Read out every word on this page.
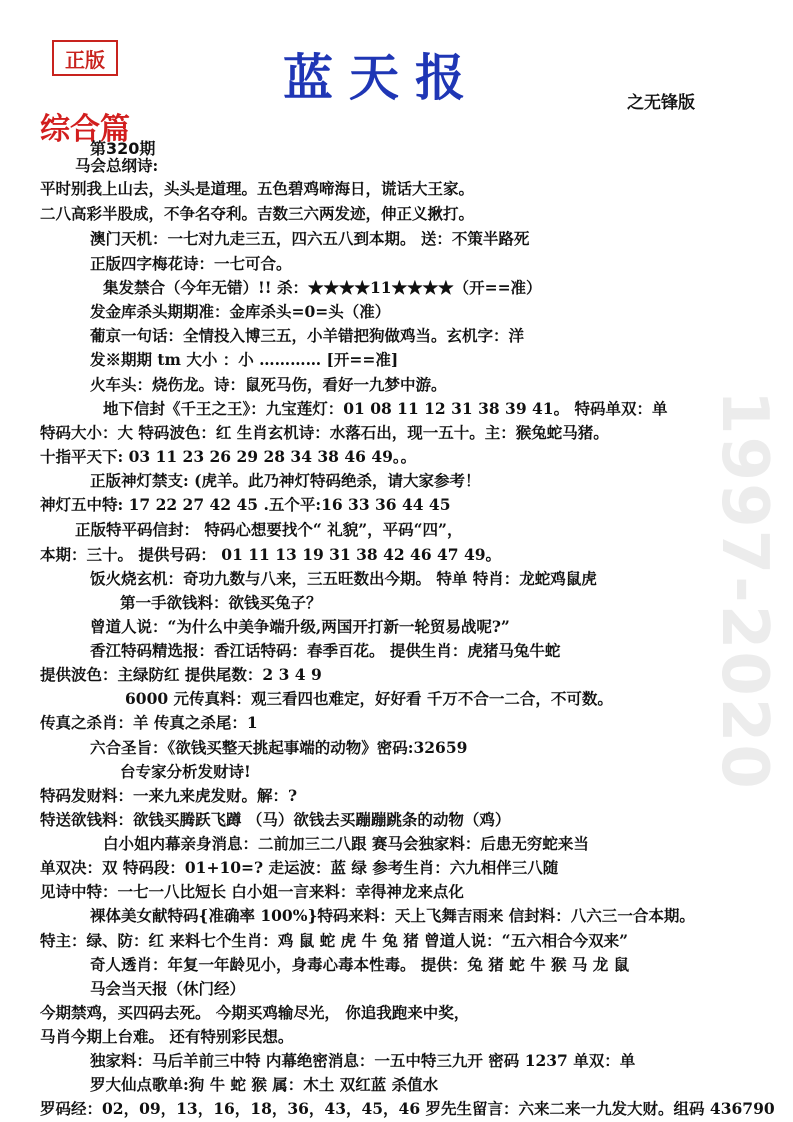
正版	蓝天报	之无锋版
综合篇
第320期
1997-2020
马会总纲诗:
平时别我上山去，头头是道理。五色碧鸡啼海日，谎话大王家。
二八高彩半股成，不争名夺利。吉数三六两发迹，伸正义揪打。
澳门天机：一七对九走三五，四六五八到本期。 送：不策半路死
正版四字梅花诗：一七可合。
集发禁合（今年无错）!! 杀：★★★★11★★★★（开==准）
发金库杀头期期准：金库杀头=0=头（准）
葡京一句话：全情投入博三五，小羊错把狗做鸡当。玄机字：洋
发※期期 tm 大小 ：小 ………… [开==准]
火车头：烧伤龙。诗：鼠死马伤，看好一九梦中游。
地下信封《千王之王》：九宝莲灯：01 08 11 12 31 38 39 41。 特码单双：单
特码大小：大 特码波色：红 生肖玄机诗：水落石出，现一五十。主：猴兔蛇马猪。
十指平天下: 03 11 23 26 29 28 34 38 46 49。。
正版神灯禁支: (虎羊。此乃神灯特码绝杀，请大家参考！
神灯五中特: 17 22 27 42 45 .五个平:16 33 36 44 45
正版特平码信封： 特码心想要找个“ 礼貌”，平码“四”，
本期：三十。 提供号码： 01 11 13 19 31 38 42 46 47 49。
饭火烧玄机：奇功九数与八来，三五旺数出今期。 特单 特肖：龙蛇鸡鼠虎
第一手欲钱料：欲钱买兔子？
曾道人说：“为什么中美争端升级,两国开打新一轮贸易战呢?”
香江特码精选报：香江话特码：春季百花。 提供生肖：虎猪马兔牛蛇
提供波色：主绿防红 提供尾数：2 3 4 9
6000 元传真料：观三看四也难定，好好看 千万不合一二合，不可数。
传真之杀肖：羊 传真之杀尾：1
六合圣旨：《欲钱买整天挑起事端的动物》密码:32659
台专家分析发财诗!
特码发财料：一来九来虎发财。解：?
特送欲钱料：欲钱买腾跃飞蹲 （马）欲钱去买蹦蹦跳条的动物（鸡）
白小姐内幕亲身消息：二前加三二八跟 赛马会独家料：后患无穷蛇来当
单双决：双 特码段：01+10=? 走运波：蓝 绿 参考生肖：六九相伴三八随
见诗中特：一七一八比短长 白小姐一言来料：幸得神龙来点化
裸体美女献特码{准确率 100%}特码来料：天上飞舞吉雨来 信封料：八六三一合本期。
特主：绿、防：红 来料七个生肖：鸡 鼠 蛇 虎 牛 兔 猪 曾道人说：“五六相合今双来”
奇人透肖：年复一年龄见小，身毒心毒本性毒。 提供：兔 猪 蛇 牛 猴 马 龙 鼠
马会当天报（休门经）
今期禁鸡，买四码去死。 今期买鸡输尽光， 你追我跑来中奖，
马肖今期上台难。 还有特别彩民想。
独家料：马后羊前三中特 内幕绝密消息：一五中特三九开 密码 1237 单双：单
罗大仙点歌单:狗 牛 蛇 猴 属：木土 双红蓝 杀值水
罗码经：02，09，13，16，18，36，43，45，46 罗先生留言：六来二来一九发大财。组码 436790
